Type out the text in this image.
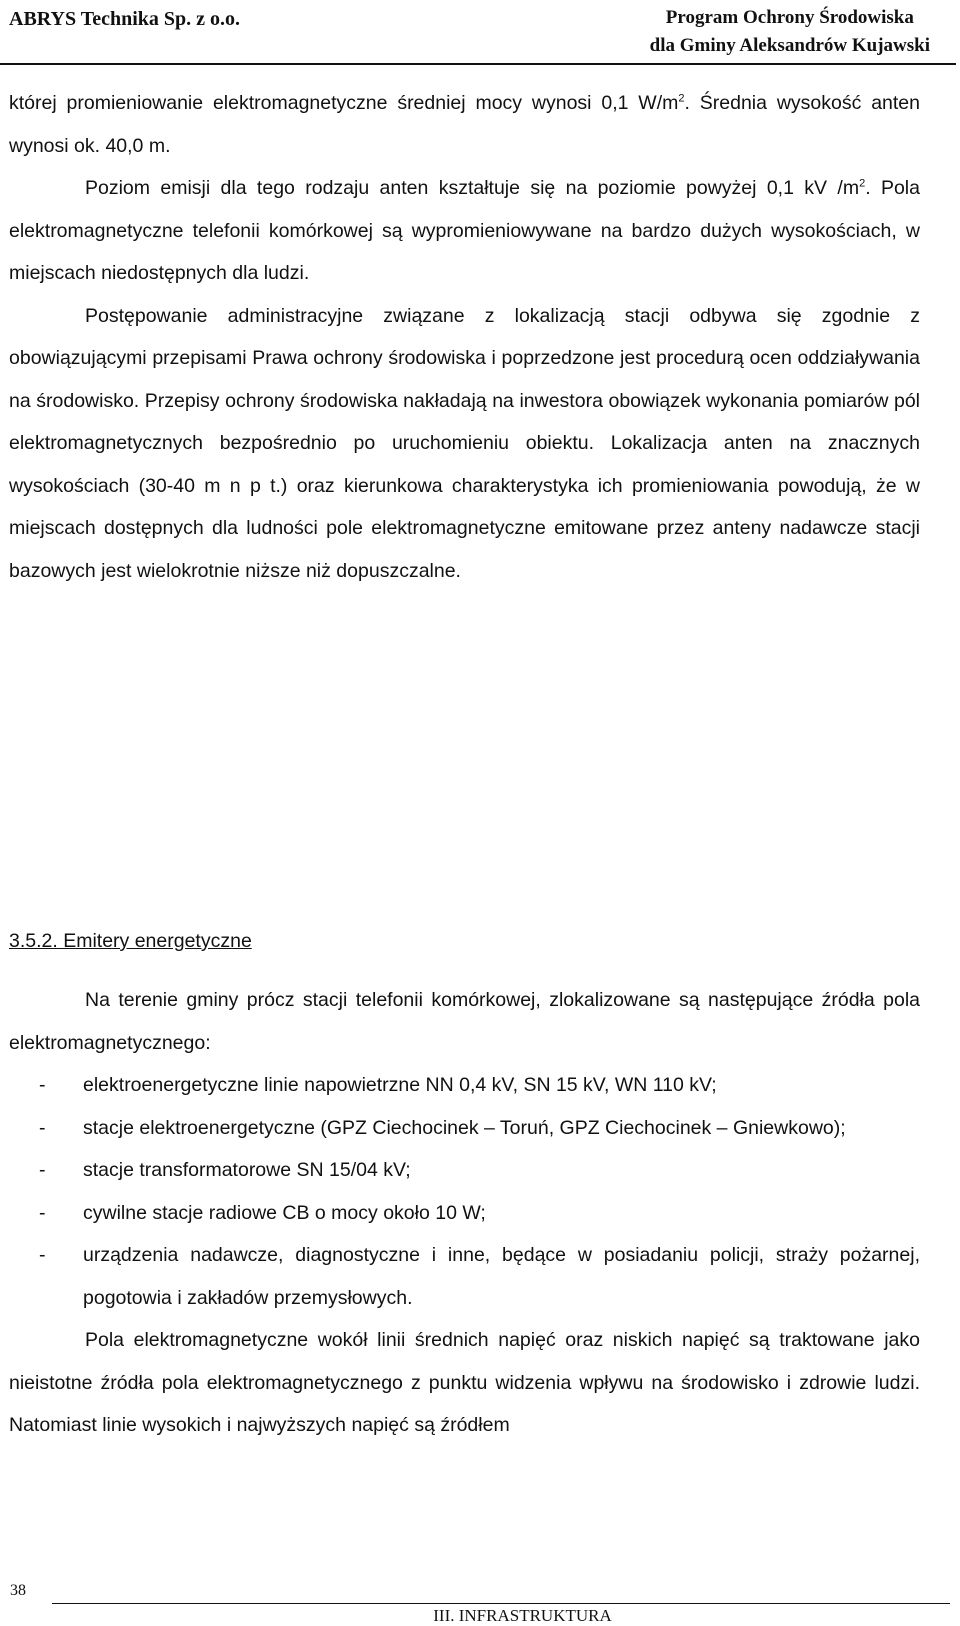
ABRYS Technika Sp. z o.o.	Program Ochrony Środowiska
dla Gminy Aleksandrów Kujawski

której promieniowanie elektromagnetyczne średniej mocy wynosi 0,1 $W/m^2$. Średnia wysokość anten wynosi ok. 40,0 m.

Poziom emisji dla tego rodzaju anten kształtuje się na poziomie powyżej 0,1 kV $/m^2$. Pola elektromagnetyczne telefonii komórkowej są wypromieniowywane na bardzo dużych wysokościach, w miejscach niedostępnych dla ludzi.

Postępowanie administracyjne związane z lokalizacją stacji odbywa się zgodnie z obowiązującymi przepisami Prawa ochrony środowiska i poprzedzone jest procedurą ocen oddziaływania na środowisko. Przepisy ochrony środowiska nakładają na inwestora obowiązek wykonania pomiarów pól elektromagnetycznych bezpośrednio po uruchomieniu obiektu. Lokalizacja anten na znacznych wysokościach (30-40 m n p t.) oraz kierunkowa charakterystyka ich promieniowania powodują, że w miejscach dostępnych dla ludności pole elektromagnetyczne emitowane przez anteny nadawcze stacji bazowych jest wielokrotnie niższe niż dopuszczalne.

3.5.2. Emitery energetyczne

Na terenie gminy prócz stacji telefonii komórkowej, zlokalizowane są następujące źródła pola elektromagnetycznego:

- elektroenergetyczne linie napowietrzne NN 0,4 kV, SN 15 kV, WN 110 kV;
- stacje elektroenergetyczne (GPZ Ciechocinek – Toruń, GPZ Ciechocinek – Gniewkowo);
- stacje transformatorowe SN 15/04 kV;
- cywilne stacje radiowe CB o mocy około 10 W;
- urządzenia nadawcze, diagnostyczne i inne, będące w posiadaniu policji, straży pożarnej, pogotowia i zakładów przemysłowych.

Pola elektromagnetyczne wokół linii średnich napięć oraz niskich napięć są traktowane jako nieistotne źródła pola elektromagnetycznego z punktu widzenia wpływu na środowisko i zdrowie ludzi. Natomiast linie wysokich i najwyższych napięć są źródłem

38
III. INFRASTRUKTURA
